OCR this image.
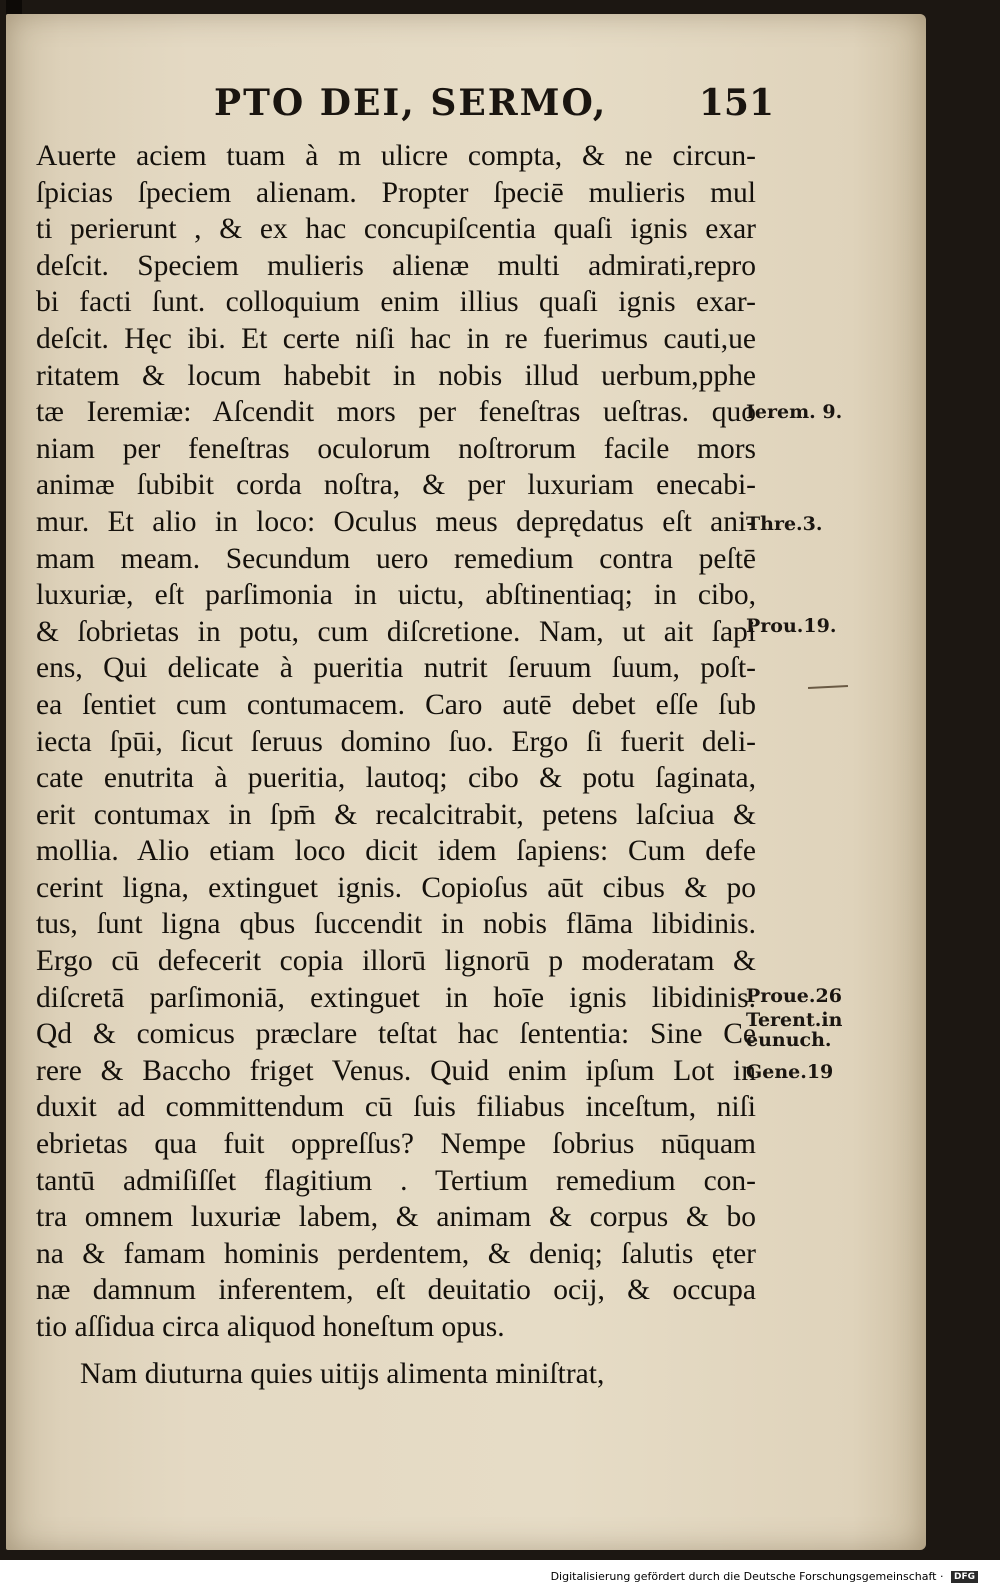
PTO DEI, SERMO,	151
Auerte aciem tuam à m ulicre compta, & ne circun-
ſpicias ſpeciem alienam. Propter ſpeciē mulieris mul
ti perierunt , & ex hac concupiſcentia quaſi ignis exar
deſcit. Speciem mulieris alienæ multi admirati,repro
bi facti ſunt. colloquium enim illius quaſi ignis exar-
deſcit. Hęc ibi. Et certe niſi hac in re fuerimus cauti,ue
ritatem & locum habebit in nobis illud uerbum,pphe
tæ Ieremiæ: Aſcendit mors per feneſtras ueſtras. quo
niam per feneſtras oculorum noſtrorum facile mors
animæ ſubibit corda noſtra, & per luxuriam enecabi-
mur. Et alio in loco: Oculus meus deprędatus eſt ani-
mam meam. Secundum uero remedium contra peſtē
luxuriæ, eſt parſimonia in uictu, abſtinentiaq; in cibo,
& ſobrietas in potu, cum diſcretione. Nam, ut ait ſapi
ens, Qui delicate à pueritia nutrit ſeruum ſuum, poſt-
ea ſentiet cum contumacem. Caro autē debet eſſe ſub
iecta ſpūi, ſicut ſeruus domino ſuo. Ergo ſi fuerit deli-
cate enutrita à pueritia, lautoq; cibo & potu ſaginata,
erit contumax in ſpm̄ & recalcitrabit, petens laſciua &
mollia. Alio etiam loco dicit idem ſapiens: Cum defe
cerint ligna, extinguet ignis. Copioſus aūt cibus & po
tus, ſunt ligna qbus ſuccendit in nobis flāma libidinis.
Ergo cū defecerit copia illorū lignorū p moderatam &
diſcretā parſimoniā, extinguet in hoīe ignis libidinis.
Qd & comicus præclare teſtat hac ſententia: Sine Ce
rere & Baccho friget Venus. Quid enim ipſum Lot in
duxit ad committendum cū ſuis filiabus inceſtum, niſi
ebrietas qua fuit oppreſſus? Nempe ſobrius nūquam
tantū admiſiſſet flagitium . Tertium remedium con-
tra omnem luxuriæ labem, & animam & corpus & bo
na & famam hominis perdentem, & deniq; ſalutis ęter
næ damnum inferentem, eſt deuitatio ocij, & occupa
tio aſſidua circa aliquod honeſtum opus.
Nam diuturna quies uitijs alimenta miniſtrat,
Ierem. 9.
Thre.3.
Prou.19.
Proue.26
Terent.in
eunuch.
Gene.19
Digitalisierung gefördert durch die Deutsche Forschungsgemeinschaft · DFG
